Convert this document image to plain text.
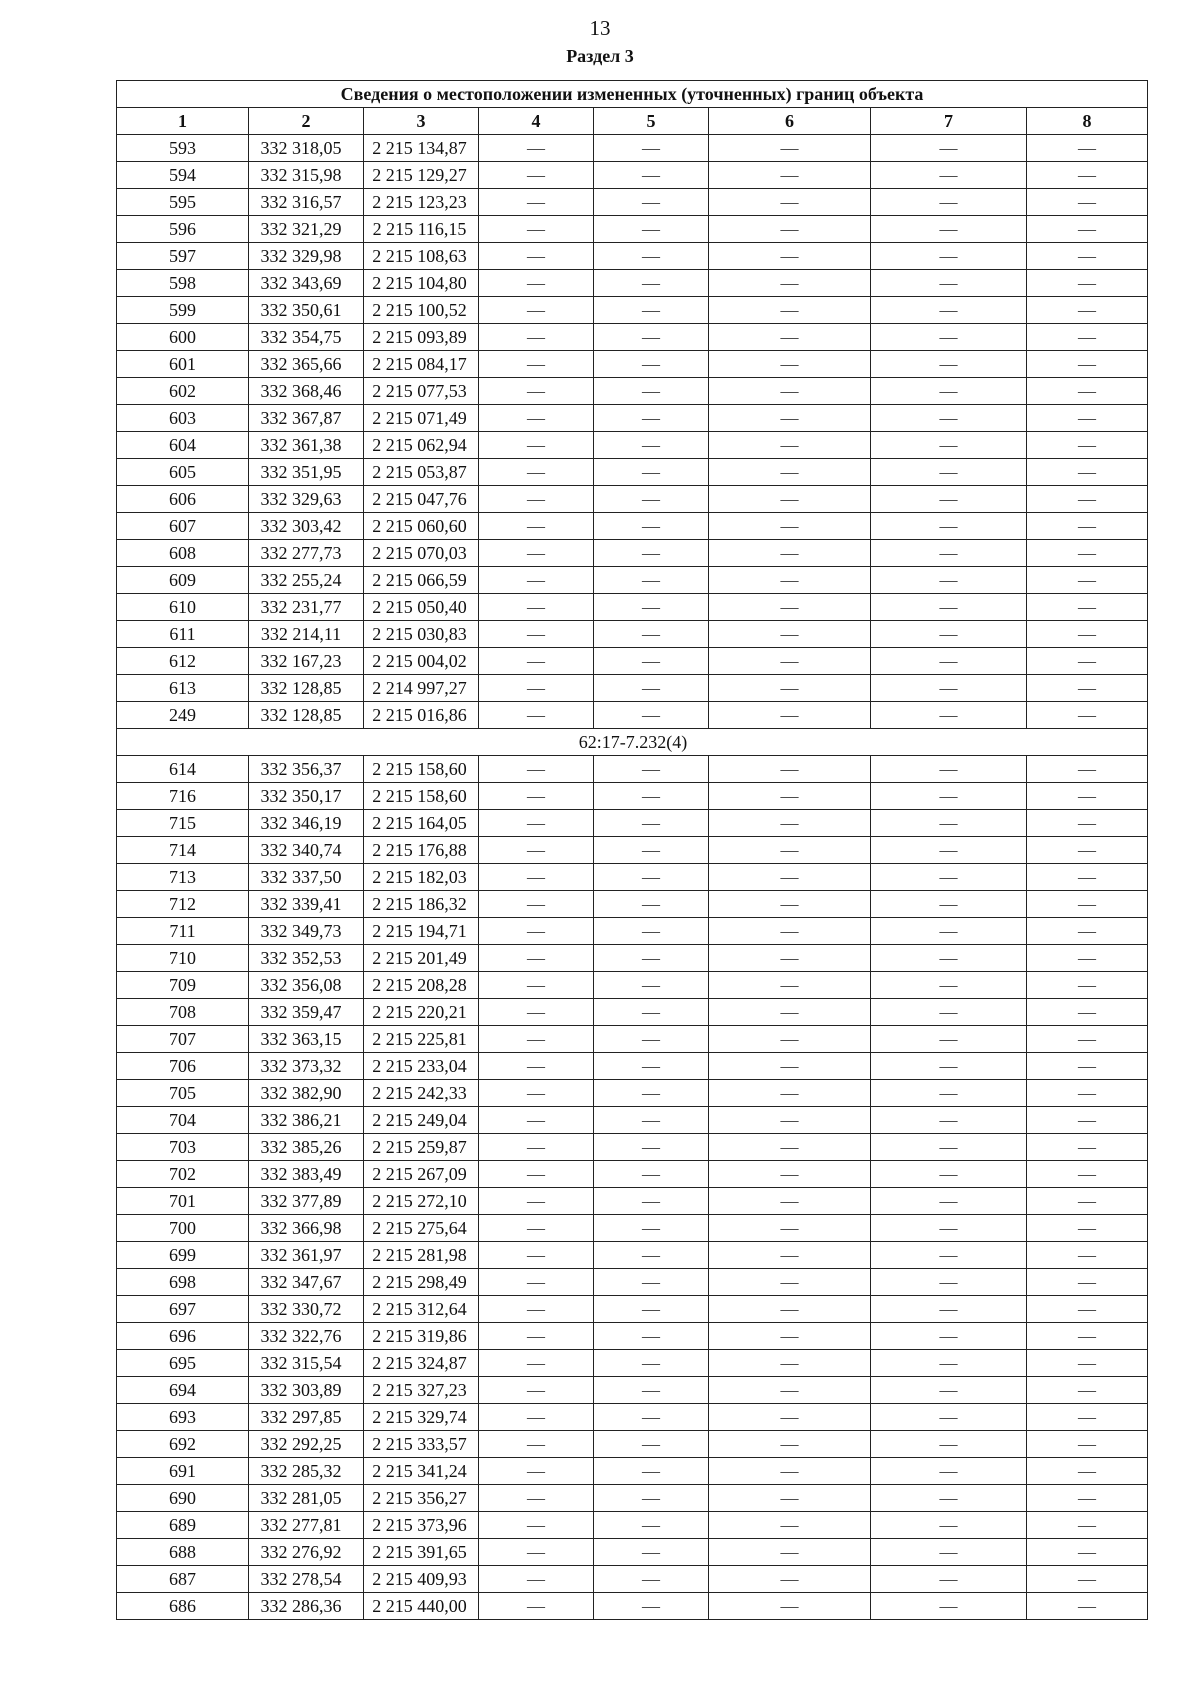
13
Раздел 3
Сведения о местоположении измененных (уточненных) границ объекта							
1	2	3	4	5	6	7	8
593	332 318,05	2 215 134,87	—	—	—	—	—
594	332 315,98	2 215 129,27	—	—	—	—	—
595	332 316,57	2 215 123,23	—	—	—	—	—
596	332 321,29	2 215 116,15	—	—	—	—	—
597	332 329,98	2 215 108,63	—	—	—	—	—
598	332 343,69	2 215 104,80	—	—	—	—	—
599	332 350,61	2 215 100,52	—	—	—	—	—
600	332 354,75	2 215 093,89	—	—	—	—	—
601	332 365,66	2 215 084,17	—	—	—	—	—
602	332 368,46	2 215 077,53	—	—	—	—	—
603	332 367,87	2 215 071,49	—	—	—	—	—
604	332 361,38	2 215 062,94	—	—	—	—	—
605	332 351,95	2 215 053,87	—	—	—	—	—
606	332 329,63	2 215 047,76	—	—	—	—	—
607	332 303,42	2 215 060,60	—	—	—	—	—
608	332 277,73	2 215 070,03	—	—	—	—	—
609	332 255,24	2 215 066,59	—	—	—	—	—
610	332 231,77	2 215 050,40	—	—	—	—	—
611	332 214,11	2 215 030,83	—	—	—	—	—
612	332 167,23	2 215 004,02	—	—	—	—	—
613	332 128,85	2 214 997,27	—	—	—	—	—
249	332 128,85	2 215 016,86	—	—	—	—	—
62:17-7.232(4)							
614	332 356,37	2 215 158,60	—	—	—	—	—
716	332 350,17	2 215 158,60	—	—	—	—	—
715	332 346,19	2 215 164,05	—	—	—	—	—
714	332 340,74	2 215 176,88	—	—	—	—	—
713	332 337,50	2 215 182,03	—	—	—	—	—
712	332 339,41	2 215 186,32	—	—	—	—	—
711	332 349,73	2 215 194,71	—	—	—	—	—
710	332 352,53	2 215 201,49	—	—	—	—	—
709	332 356,08	2 215 208,28	—	—	—	—	—
708	332 359,47	2 215 220,21	—	—	—	—	—
707	332 363,15	2 215 225,81	—	—	—	—	—
706	332 373,32	2 215 233,04	—	—	—	—	—
705	332 382,90	2 215 242,33	—	—	—	—	—
704	332 386,21	2 215 249,04	—	—	—	—	—
703	332 385,26	2 215 259,87	—	—	—	—	—
702	332 383,49	2 215 267,09	—	—	—	—	—
701	332 377,89	2 215 272,10	—	—	—	—	—
700	332 366,98	2 215 275,64	—	—	—	—	—
699	332 361,97	2 215 281,98	—	—	—	—	—
698	332 347,67	2 215 298,49	—	—	—	—	—
697	332 330,72	2 215 312,64	—	—	—	—	—
696	332 322,76	2 215 319,86	—	—	—	—	—
695	332 315,54	2 215 324,87	—	—	—	—	—
694	332 303,89	2 215 327,23	—	—	—	—	—
693	332 297,85	2 215 329,74	—	—	—	—	—
692	332 292,25	2 215 333,57	—	—	—	—	—
691	332 285,32	2 215 341,24	—	—	—	—	—
690	332 281,05	2 215 356,27	—	—	—	—	—
689	332 277,81	2 215 373,96	—	—	—	—	—
688	332 276,92	2 215 391,65	—	—	—	—	—
687	332 278,54	2 215 409,93	—	—	—	—	—
686	332 286,36	2 215 440,00	—	—	—	—	—
